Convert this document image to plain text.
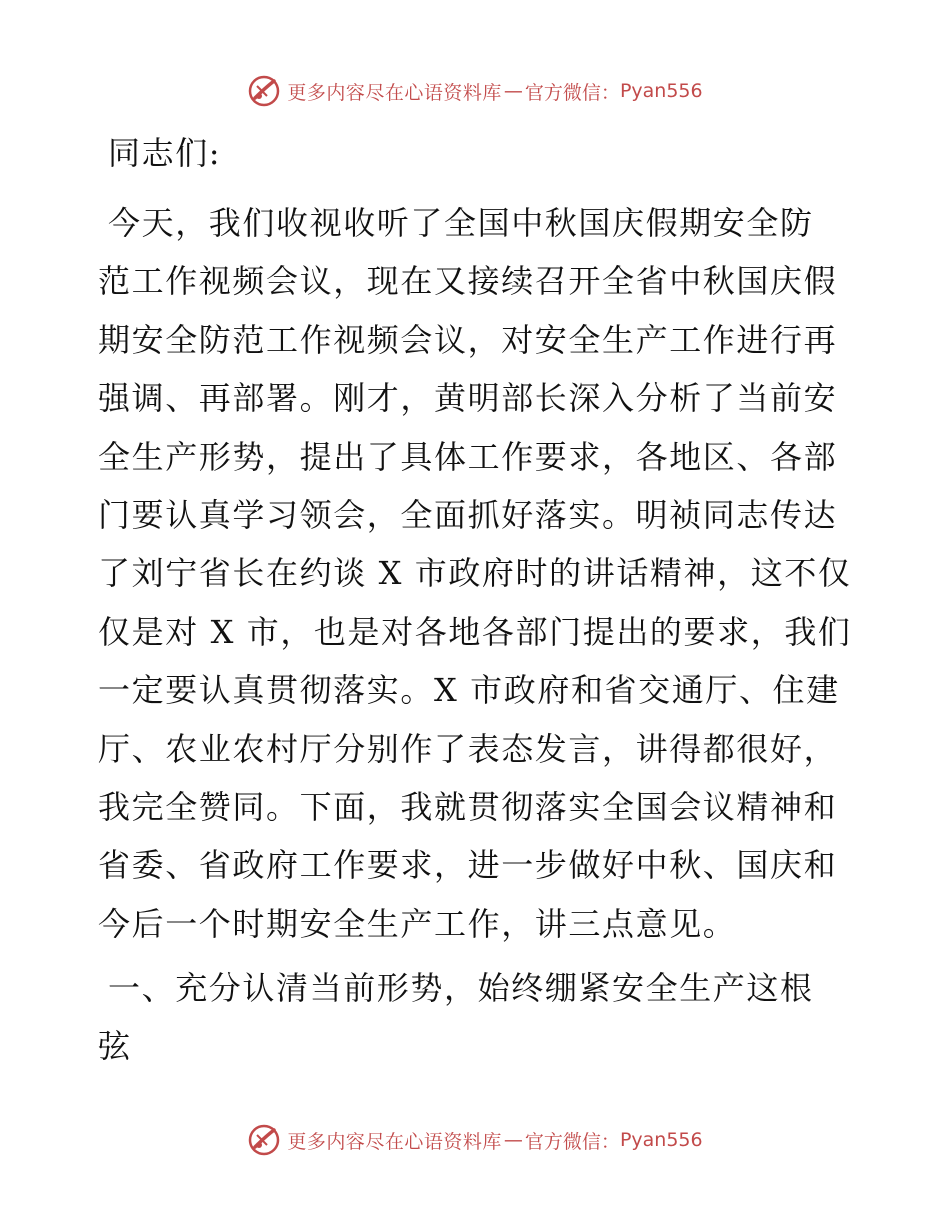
更多内容尽在心语资料库 — 官方微信： Pyan556
同志们:
今天，我们收视收听了全国中秋国庆假期安全防
范工作视频会议，现在又接续召开全省中秋国庆假
期安全防范工作视频会议，对安全生产工作进行再
强调、再部署。刚才，黄明部长深入分析了当前安
全生产形势，提出了具体工作要求，各地区、各部
门要认真学习领会，全面抓好落实。明祯同志传达
了刘宁省长在约谈 X 市政府时的讲话精神，这不仅
仅是对 X 市，也是对各地各部门提出的要求，我们
一定要认真贯彻落实。X 市政府和省交通厅、住建
厅、农业农村厅分别作了表态发言，讲得都很好，
我完全赞同。下面，我就贯彻落实全国会议精神和
省委、省政府工作要求，进一步做好中秋、国庆和
今后一个时期安全生产工作，讲三点意见。
一、充分认清当前形势，始终绷紧安全生产这根
弦
更多内容尽在心语资料库 — 官方微信： Pyan556
